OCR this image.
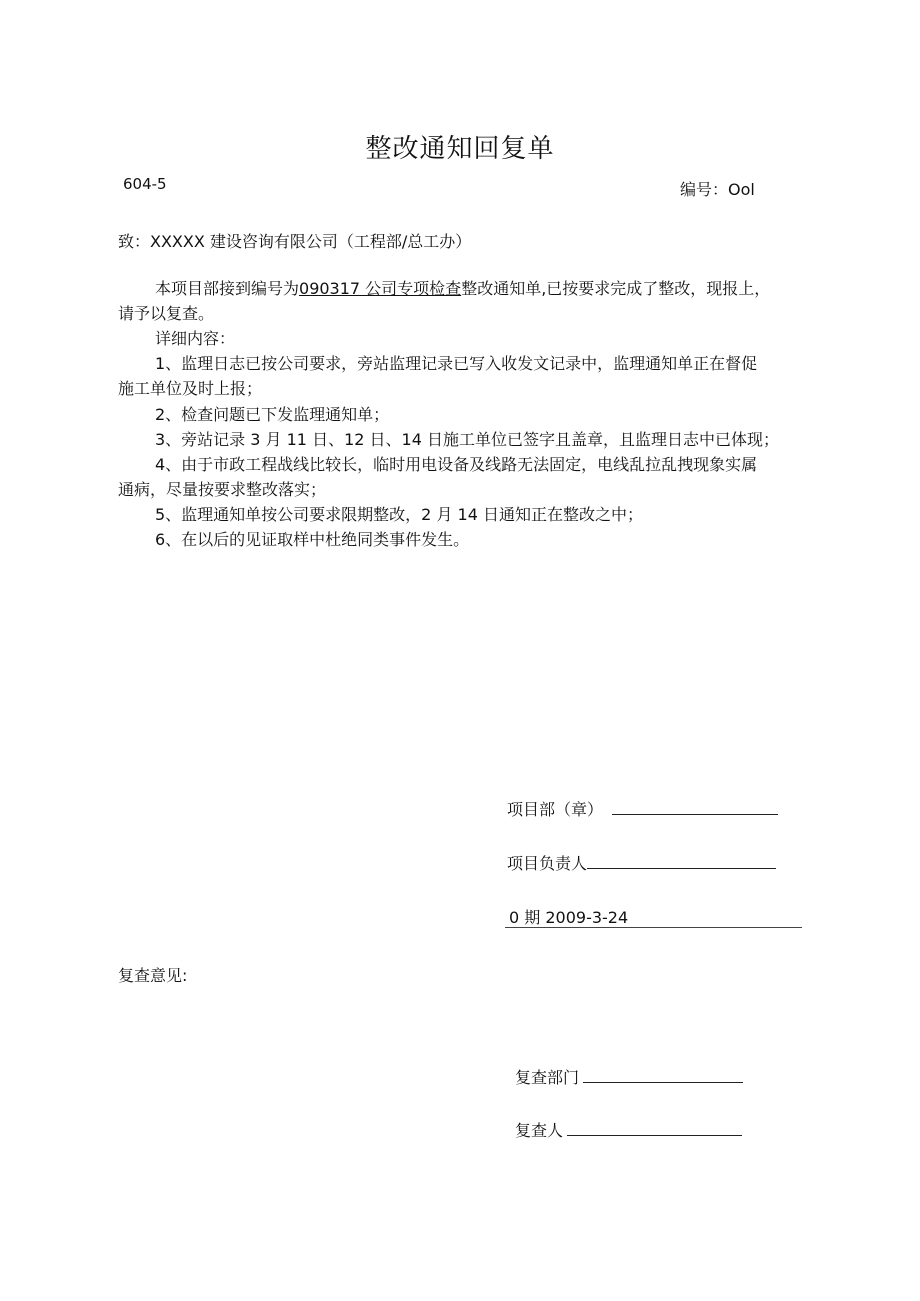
整改通知回复单
604-5	编号：Ool
致：XXXXX 建设咨询有限公司（工程部/总工办）
本项目部接到编号为090317 公司专项检查整改通知单,已按要求完成了整改，现报上，
请予以复查。
详细内容：
1、监理日志已按公司要求，旁站监理记录已写入收发文记录中，监理通知单正在督促
施工单位及时上报；
2、检查问题已下发监理通知单；
3、旁站记录 3 月 11 日、12 日、14 日施工单位已签字且盖章，且监理日志中已体现；
4、由于市政工程战线比较长，临时用电设备及线路无法固定，电线乱拉乱拽现象实属
通病，尽量按要求整改落实；
5、监理通知单按公司要求限期整改，2 月 14 日通知正在整改之中；
6、在以后的见证取样中杜绝同类事件发生。
项目部（章）
项目负责人
0 期 2009-3-24
复查意见:
复查部门
复查人
